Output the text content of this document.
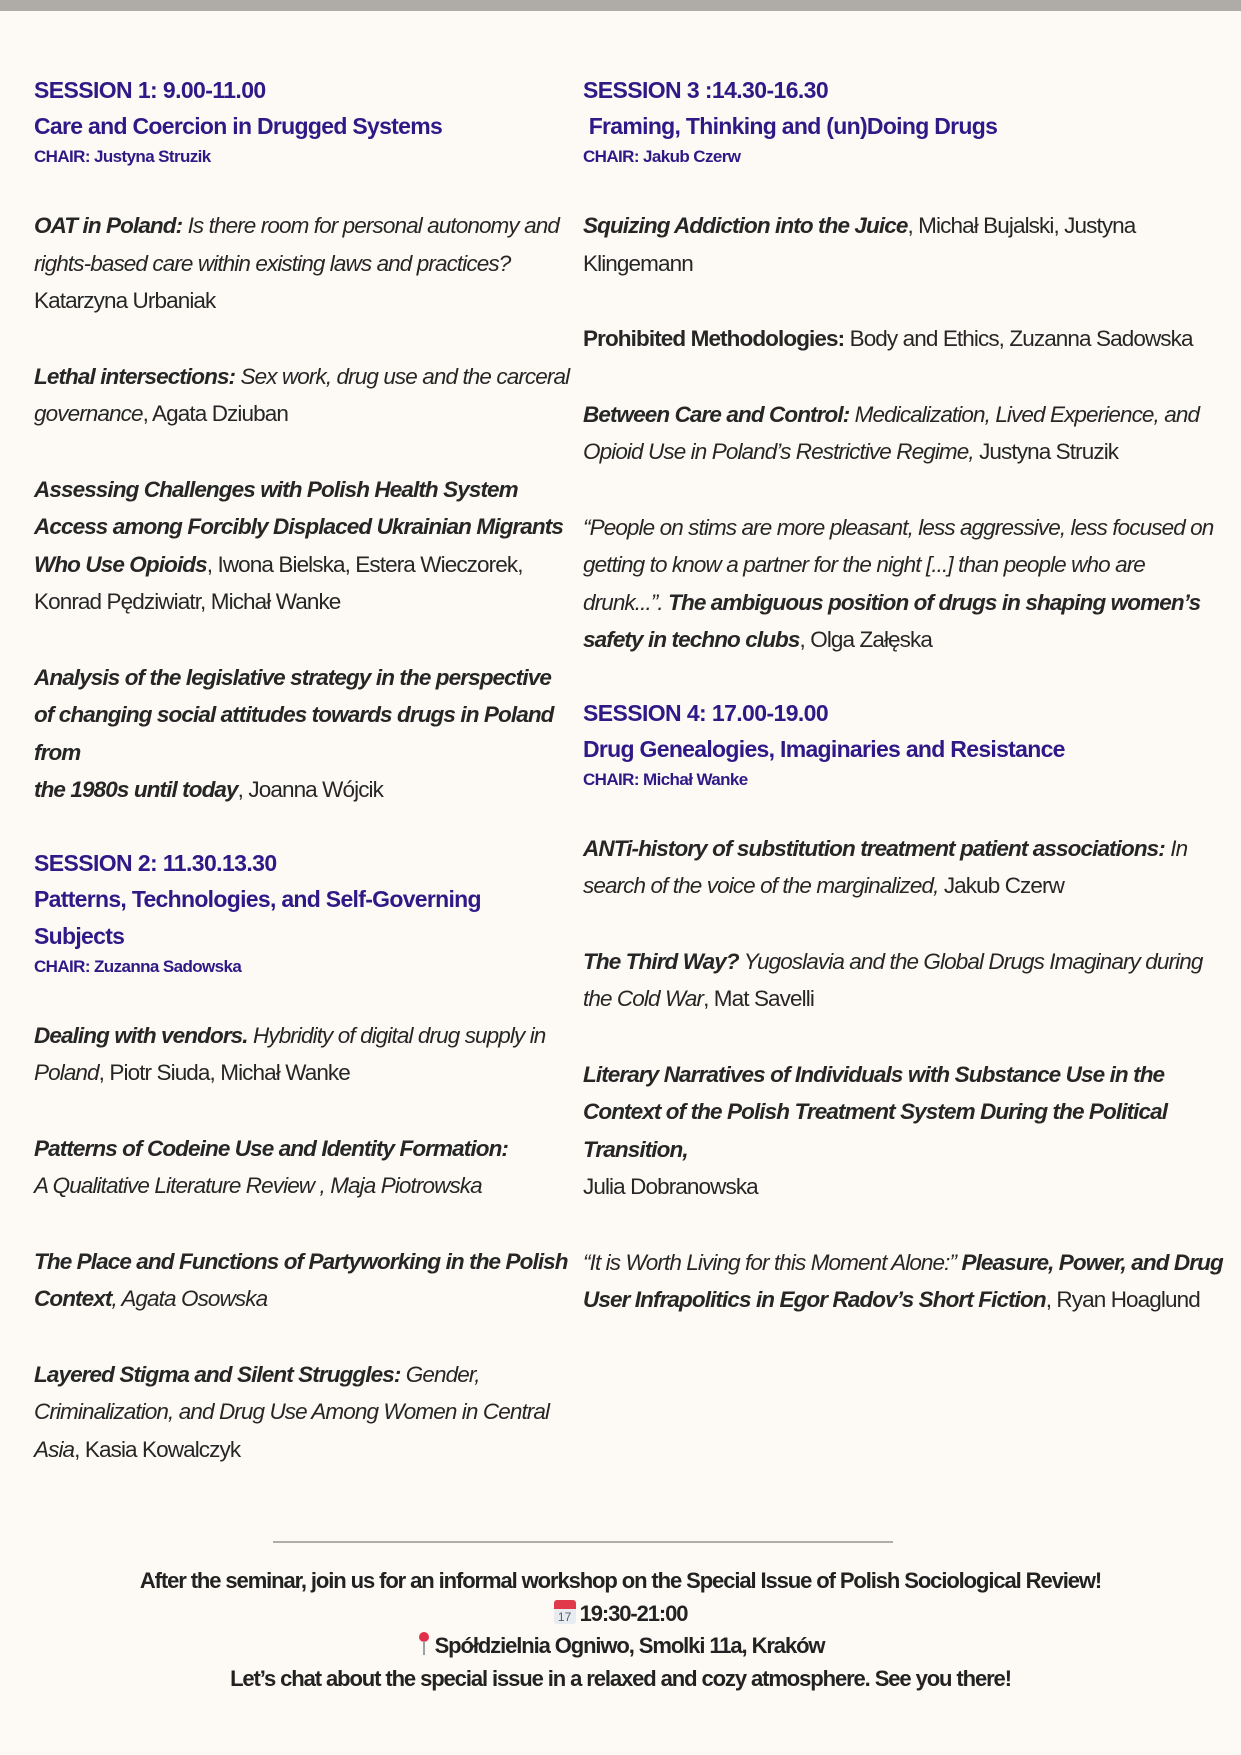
SESSION 1: 9.00-11.00
Care and Coercion in Drugged Systems
CHAIR: Justyna Struzik
OAT in Poland: Is there room for personal autonomy and rights-based care within existing laws and practices? Katarzyna Urbaniak
Lethal intersections: Sex work, drug use and the carceral governance, Agata Dziuban
Assessing Challenges with Polish Health System Access among Forcibly Displaced Ukrainian Migrants Who Use Opioids, Iwona Bielska, Estera Wieczorek, Konrad Pędziwiatr, Michał Wanke
Analysis of the legislative strategy in the perspective of changing social attitudes towards drugs in Poland from
the 1980s until today, Joanna Wójcik
SESSION 2: 11.30.13.30
Patterns, Technologies, and Self-Governing Subjects
CHAIR: Zuzanna Sadowska
Dealing with vendors. Hybridity of digital drug supply in Poland, Piotr Siuda, Michał Wanke
Patterns of Codeine Use and Identity Formation:
A Qualitative Literature Review , Maja Piotrowska
The Place and Functions of Partyworking in the Polish Context, Agata Osowska
Layered Stigma and Silent Struggles: Gender, Criminalization, and Drug Use Among Women in Central Asia, Kasia Kowalczyk
SESSION 3 :14.30-16.30
Framing, Thinking and (un)Doing Drugs
CHAIR: Jakub Czerw
Squizing Addiction into the Juice, Michał Bujalski, Justyna Klingemann
Prohibited Methodologies: Body and Ethics, Zuzanna Sadowska
Between Care and Control: Medicalization, Lived Experience, and Opioid Use in Poland’s Restrictive Regime, Justyna Struzik
“People on stims are more pleasant, less aggressive, less focused on getting to know a partner for the night [...] than people who are drunk...”. The ambiguous position of drugs in shaping women’s safety in techno clubs, Olga Załęska
SESSION 4: 17.00-19.00
Drug Genealogies, Imaginaries and Resistance
CHAIR: Michał Wanke
ANTi-history of substitution treatment patient associations: In search of the voice of the marginalized, Jakub Czerw
The Third Way? Yugoslavia and the Global Drugs Imaginary during the Cold War, Mat Savelli
Literary Narratives of Individuals with Substance Use in the Context of the Polish Treatment System During the Political Transition,
Julia Dobranowska
“It is Worth Living for this Moment Alone:” Pleasure, Power, and Drug User Infrapolitics in Egor Radov’s Short Fiction, Ryan Hoaglund
After the seminar, join us for an informal workshop on the Special Issue of Polish Sociological Review!
17 19:30-21:00
Spółdzielnia Ogniwo, Smolki 11a, Kraków
Let’s chat about the special issue in a relaxed and cozy atmosphere. See you there!
